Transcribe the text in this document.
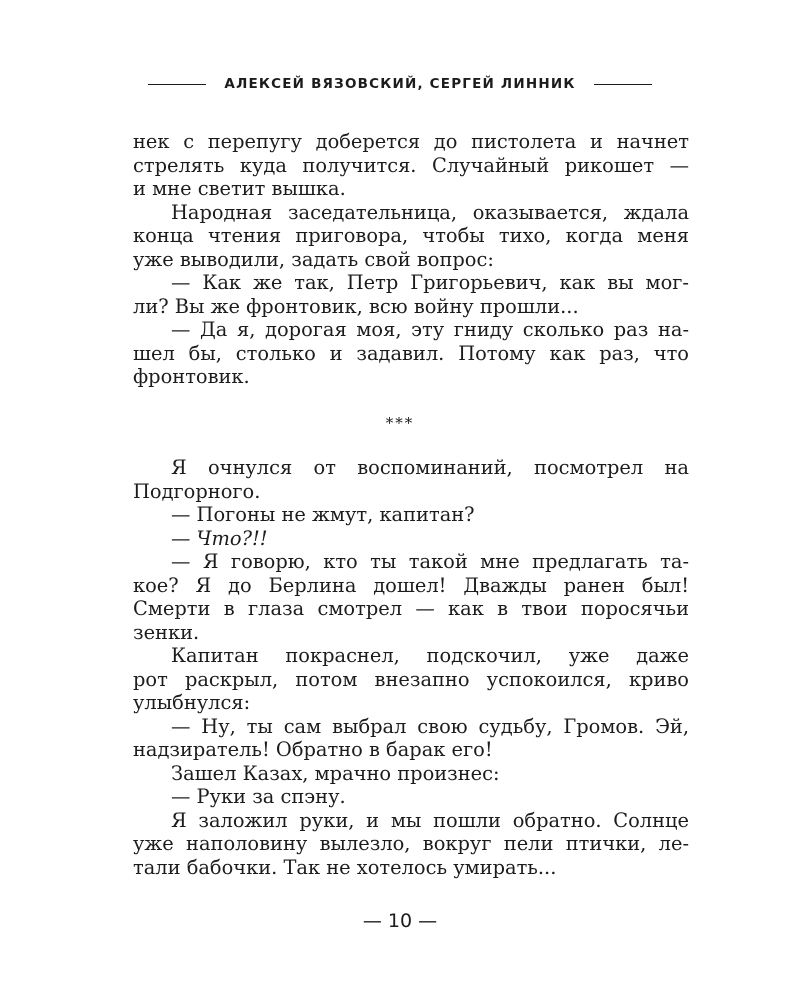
АЛЕКСЕЙ ВЯЗОВСКИЙ, СЕРГЕЙ ЛИННИК
нек с перепугу доберется до пистолета и начнет
стрелять куда получится. Случайный рикошет —
и мне светит вышка.
Народная заседательница, оказывается, ждала
конца чтения приговора, чтобы тихо, когда меня
уже выводили, задать свой вопрос:
— Как же так, Петр Григорьевич, как вы мог-
ли? Вы же фронтовик, всю войну прошли...
— Да я, дорогая моя, эту гниду сколько раз на-
шел бы, столько и задавил. Потому как раз, что
фронтовик.
***
Я очнулся от воспоминаний, посмотрел на
Подгорного.
— Погоны не жмут, капитан?
— Что?!!
— Я говорю, кто ты такой мне предлагать та-
кое? Я до Берлина дошел! Дважды ранен был!
Смерти в глаза смотрел — как в твои поросячьи
зенки.
Капитан покраснел, подскочил, уже даже
рот раскрыл, потом внезапно успокоился, криво
улыбнулся:
— Ну, ты сам выбрал свою судьбу, Громов. Эй,
надзиратель! Обратно в барак его!
Зашел Казах, мрачно произнес:
— Руки за спэну.
Я заложил руки, и мы пошли обратно. Солнце
уже наполовину вылезло, вокруг пели птички, ле-
тали бабочки. Так не хотелось умирать...
— 10 —
